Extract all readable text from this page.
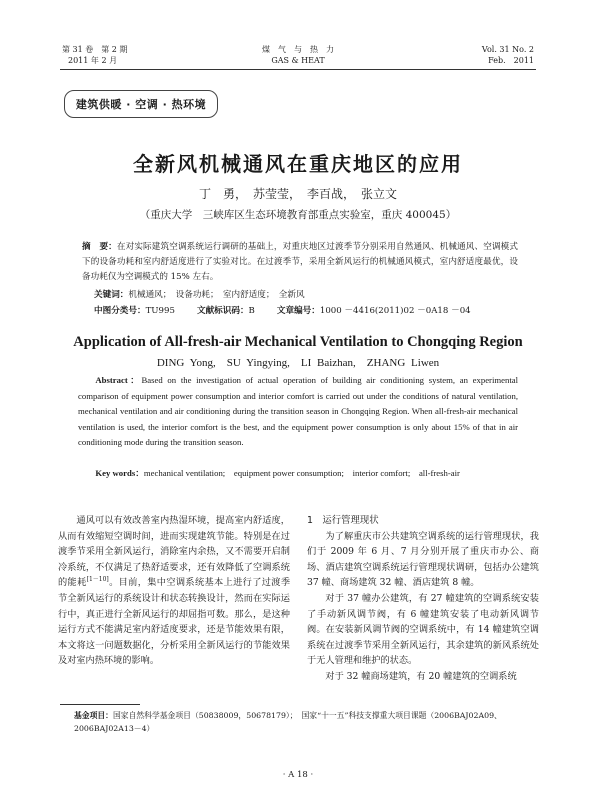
第 31 卷　第 2 期
2011 年 2 月
煤　气　与　热　力
GAS & HEAT
Vol. 31 No. 2
Feb.　2011
建筑供暖 · 空调 · 热环境
全新风机械通风在重庆地区的应用
丁　勇，　苏莹莹，　李百战，　张立文
（重庆大学　三峡库区生态环境教育部重点实验室，重庆 400045）
摘　要：在对实际建筑空调系统运行调研的基础上，对重庆地区过渡季节分别采用自然通风、机械通风、空调模式下的设备功耗和室内舒适度进行了实验对比。在过渡季节，采用全新风运行的机械通风模式，室内舒适度最优，设备功耗仅为空调模式的 15% 左右。
关键词：机械通风；　设备功耗；　室内舒适度；　全新风
中图分类号：TU995	文献标识码：B	文章编号：1000 －4416(2011)02 －0A18 －04
Application of All-fresh-air Mechanical Ventilation to Chongqing Region
DING Yong,　SU Yingying,　LI Baizhan,　ZHANG Liwen
Abstract：Based on the investigation of actual operation of building air conditioning system, an experimental comparison of equipment power consumption and interior comfort is carried out under the conditions of natural ventilation, mechanical ventilation and air conditioning during the transition season in Chongqing Region. When all-fresh-air mechanical ventilation is used, the interior comfort is the best, and the equipment power consumption is only about 15% of that in air conditioning mode during the transition season.
Key words：mechanical ventilation;　equipment power consumption;　interior comfort;　all-fresh-air

通风可以有效改善室内热湿环境，提高室内舒适度，从而有效缩短空调时间，进而实现建筑节能。特别是在过渡季节采用全新风运行，消除室内余热，又不需要开启制冷系统，不仅满足了热舒适要求，还有效降低了空调系统的能耗[1－10]。目前，集中空调系统基本上进行了过渡季节全新风运行的系统设计和状态转换设计，然而在实际运行中，真正进行全新风运行的却屈指可数。那么，是这种运行方式不能满足室内舒适度要求，还是节能效果有限，本文将这一问题数据化，分析采用全新风运行的节能效果及对室内热环境的影响。

1　运行管理现状

为了解重庆市公共建筑空调系统的运行管理现状，我们于 2009 年 6 月、7 月分别开展了重庆市办公、商场、酒店建筑空调系统运行管理现状调研，包括办公建筑 37 幢、商场建筑 32 幢、酒店建筑 8 幢。

对于 37 幢办公建筑，有 27 幢建筑的空调系统安装了手动新风调节阀，有 6 幢建筑安装了电动新风调节阀。在安装新风调节阀的空调系统中，有 14 幢建筑空调系统在过渡季节采用全新风运行，其余建筑的新风系统处于无人管理和维护的状态。

对于 32 幢商场建筑，有 20 幢建筑的空调系统

基金项目：国家自然科学基金项目（50838009，50678179）；　国家“十一五”科技支撑重大项目课题（2006BAJ02A09、2006BAJ02A13－4）
· A 18 ·
